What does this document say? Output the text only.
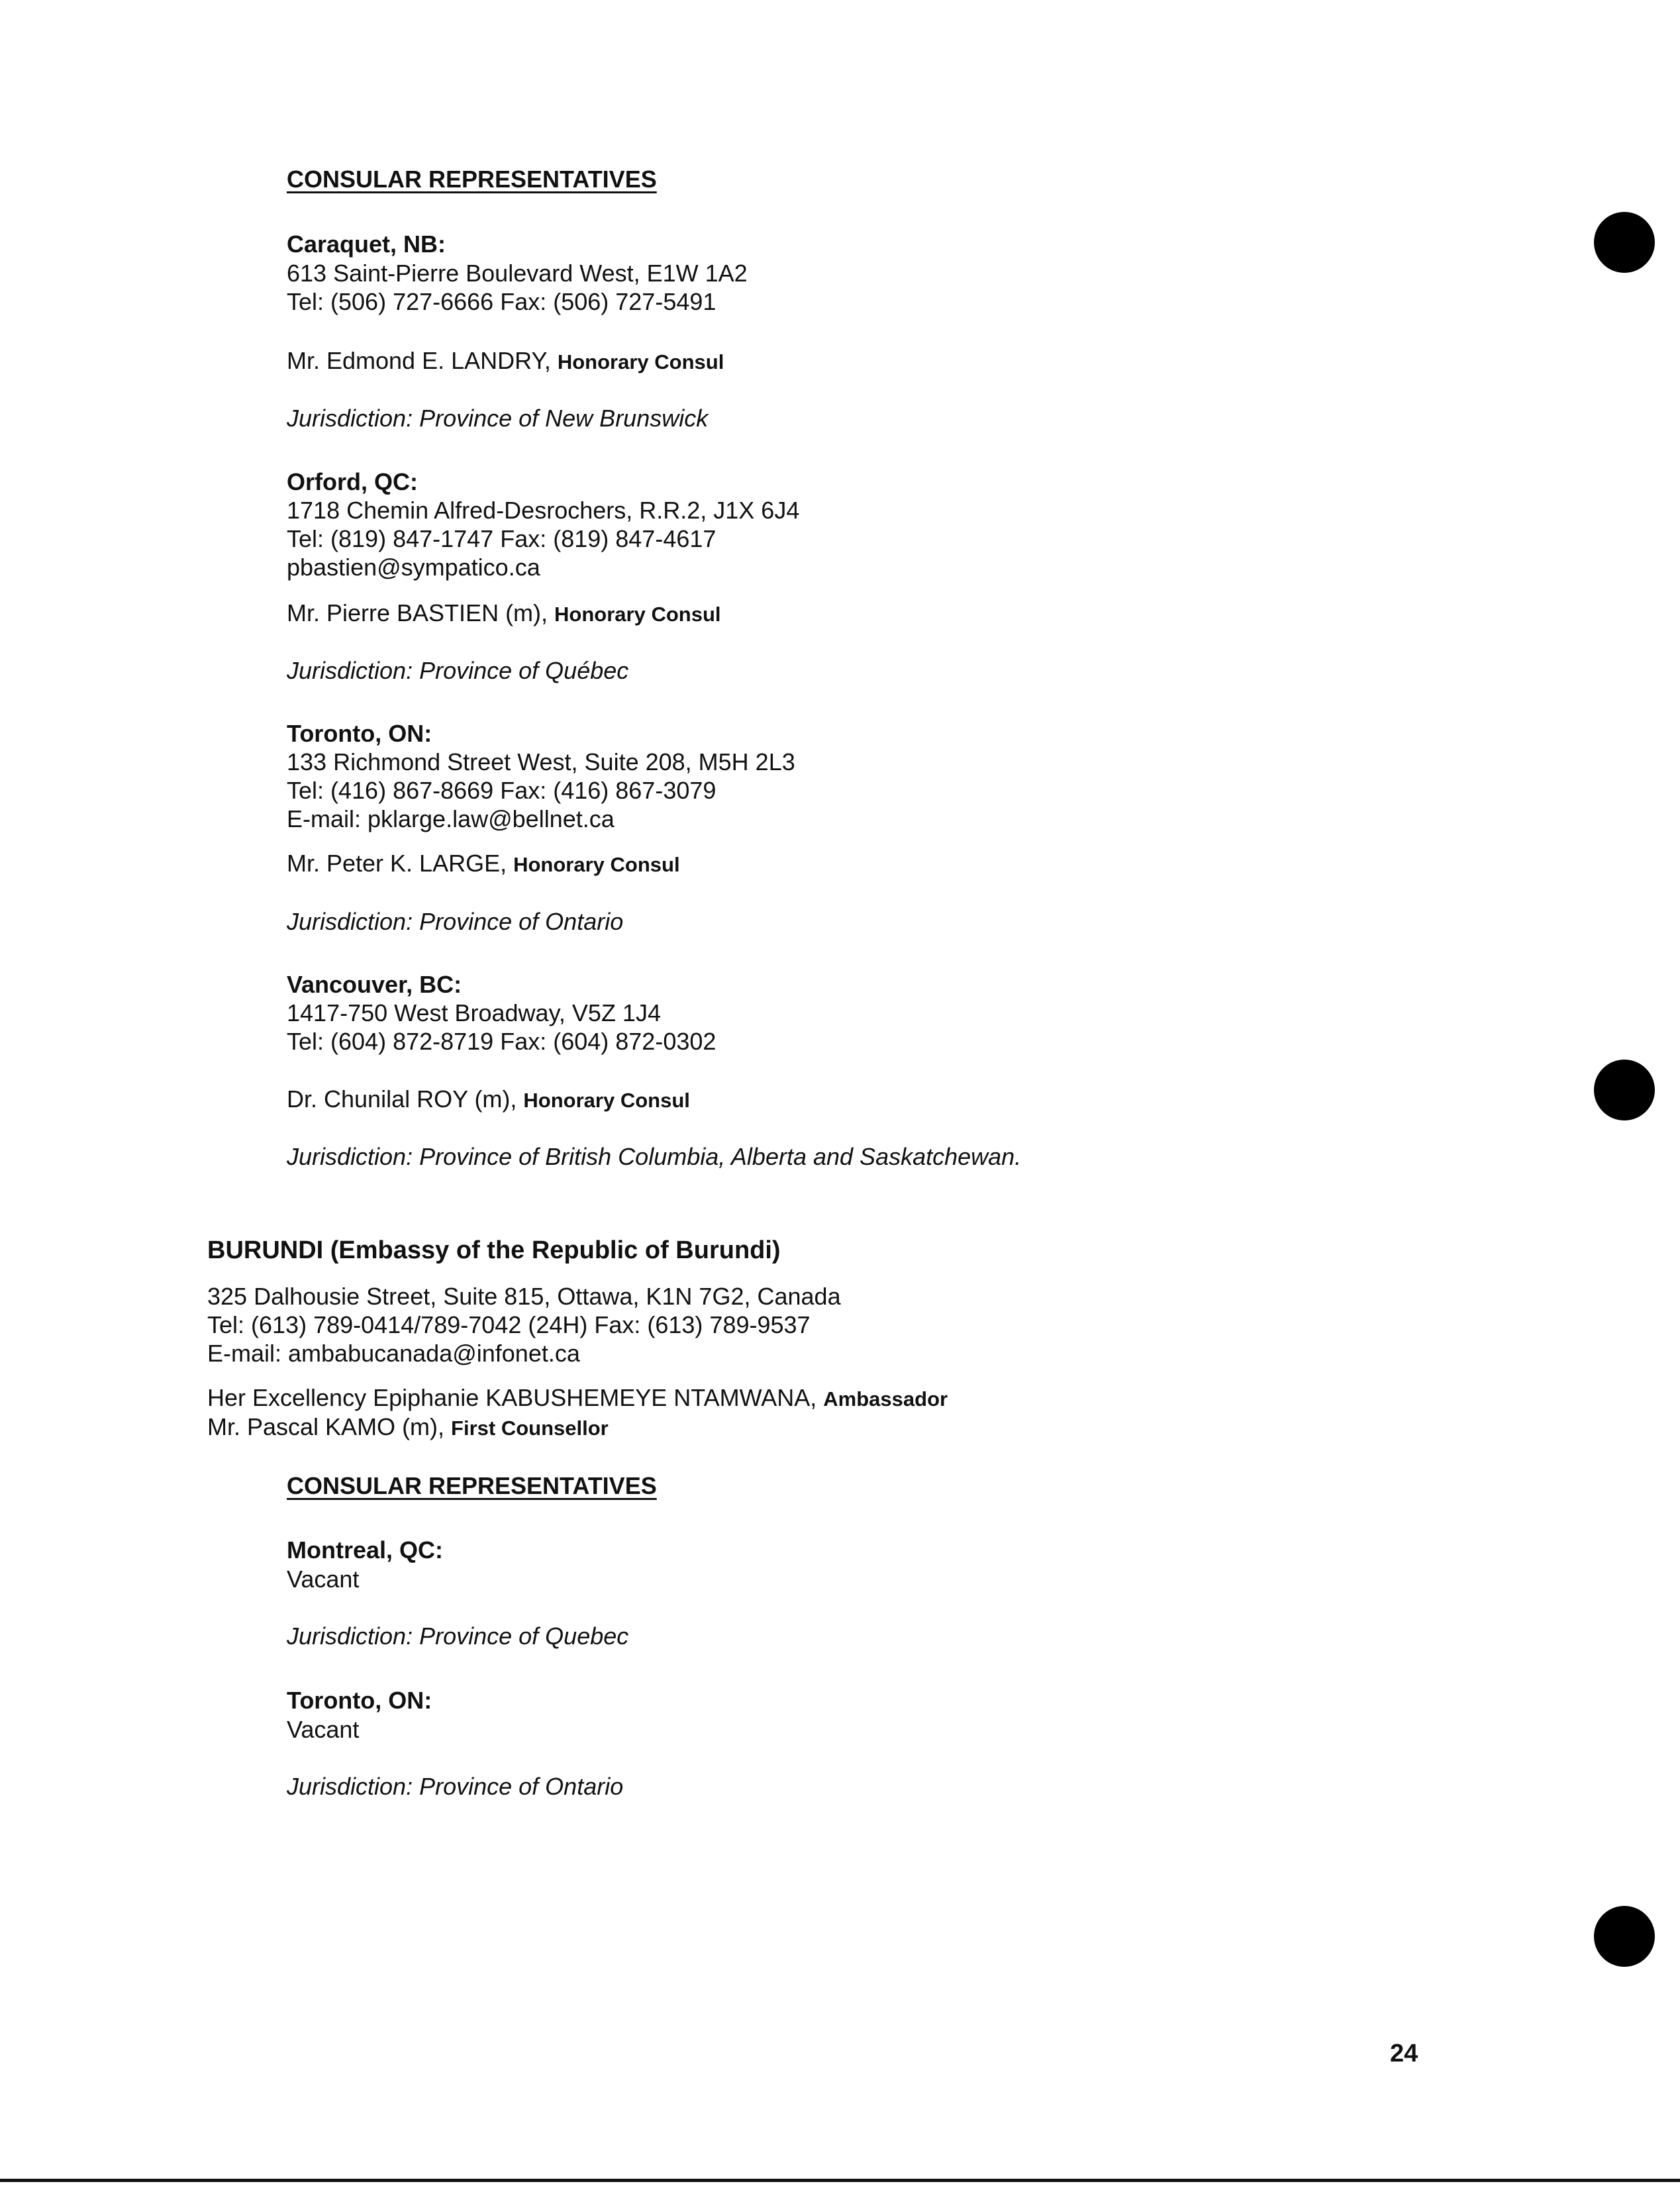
CONSULAR REPRESENTATIVES
Caraquet, NB:
613 Saint-Pierre Boulevard West, E1W 1A2
Tel: (506) 727-6666 Fax: (506) 727-5491
Mr. Edmond E. LANDRY, Honorary Consul
Jurisdiction: Province of New Brunswick
Orford, QC:
1718 Chemin Alfred-Desrochers, R.R.2, J1X 6J4
Tel: (819) 847-1747 Fax: (819) 847-4617
pbastien@sympatico.ca
Mr. Pierre BASTIEN (m), Honorary Consul
Jurisdiction: Province of Québec
Toronto, ON:
133 Richmond Street West, Suite 208, M5H 2L3
Tel: (416) 867-8669 Fax: (416) 867-3079
E-mail: pklarge.law@bellnet.ca
Mr. Peter K. LARGE, Honorary Consul
Jurisdiction: Province of Ontario
Vancouver, BC:
1417-750 West Broadway, V5Z 1J4
Tel: (604) 872-8719 Fax: (604) 872-0302
Dr. Chunilal ROY (m), Honorary Consul
Jurisdiction: Province of British Columbia, Alberta and Saskatchewan.
BURUNDI (Embassy of the Republic of Burundi)
325 Dalhousie Street, Suite 815, Ottawa, K1N 7G2, Canada
Tel: (613) 789-0414/789-7042 (24H) Fax: (613) 789-9537
E-mail: ambabucanada@infonet.ca
Her Excellency Epiphanie KABUSHEMEYE NTAMWANA, Ambassador
Mr. Pascal KAMO (m), First Counsellor
CONSULAR REPRESENTATIVES
Montreal, QC:
Vacant
Jurisdiction: Province of Quebec
Toronto, ON:
Vacant
Jurisdiction: Province of Ontario
24
